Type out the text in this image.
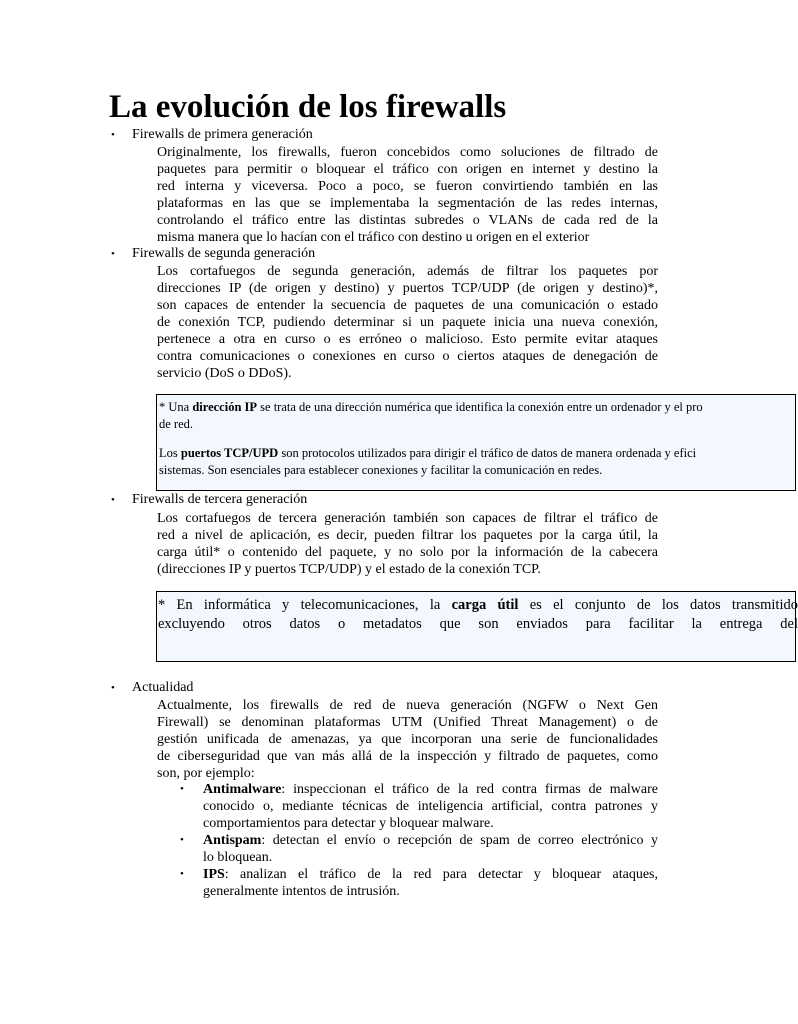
La evolución de los firewalls
• Firewalls de primera generación
Originalmente, los firewalls, fueron concebidos como soluciones de filtrado de
paquetes para permitir o bloquear el tráfico con origen en internet y destino la
red interna y viceversa. Poco a poco, se fueron convirtiendo también en las
plataformas en las que se implementaba la segmentación de las redes internas,
controlando el tráfico entre las distintas subredes o VLANs de cada red de la
misma manera que lo hacían con el tráfico con destino u origen en el exterior
• Firewalls de segunda generación
Los cortafuegos de segunda generación, además de filtrar los paquetes por
direcciones IP (de origen y destino) y puertos TCP/UDP (de origen y destino)*,
son capaces de entender la secuencia de paquetes de una comunicación o estado
de conexión TCP, pudiendo determinar si un paquete inicia una nueva conexión,
pertenece a otra en curso o es erróneo o malicioso. Esto permite evitar ataques
contra comunicaciones o conexiones en curso o ciertos ataques de denegación de
servicio (DoS o DDoS).
* Una dirección IP se trata de una dirección numérica que identifica la conexión entre un ordenador y el pro
de red.
Los puertos TCP/UPD son protocolos utilizados para dirigir el tráfico de datos de manera ordenada y efici
sistemas. Son esenciales para establecer conexiones y facilitar la comunicación en redes.
• Firewalls de tercera generación
Los cortafuegos de tercera generación también son capaces de filtrar el tráfico de
red a nivel de aplicación, es decir, pueden filtrar los paquetes por la carga útil, la
carga útil* o contenido del paquete, y no solo por la información de la cabecera
(direcciones IP y puertos TCP/UDP) y el estado de la conexión TCP.
* En informática y telecomunicaciones, la carga útil es el conjunto de los datos transmitido
excluyendo otros datos o metadatos que son enviados para facilitar la entrega del
• Actualidad
Actualmente, los firewalls de red de nueva generación (NGFW o Next Gen
Firewall) se denominan plataformas UTM (Unified Threat Management) o de
gestión unificada de amenazas, ya que incorporan una serie de funcionalidades
de ciberseguridad que van más allá de la inspección y filtrado de paquetes, como
son, por ejemplo:
• Antimalware: inspeccionan el tráfico de la red contra firmas de malware
conocido o, mediante técnicas de inteligencia artificial, contra patrones y
comportamientos para detectar y bloquear malware.
• Antispam: detectan el envío o recepción de spam de correo electrónico y
lo bloquean.
• IPS: analizan el tráfico de la red para detectar y bloquear ataques,
generalmente intentos de intrusión.
